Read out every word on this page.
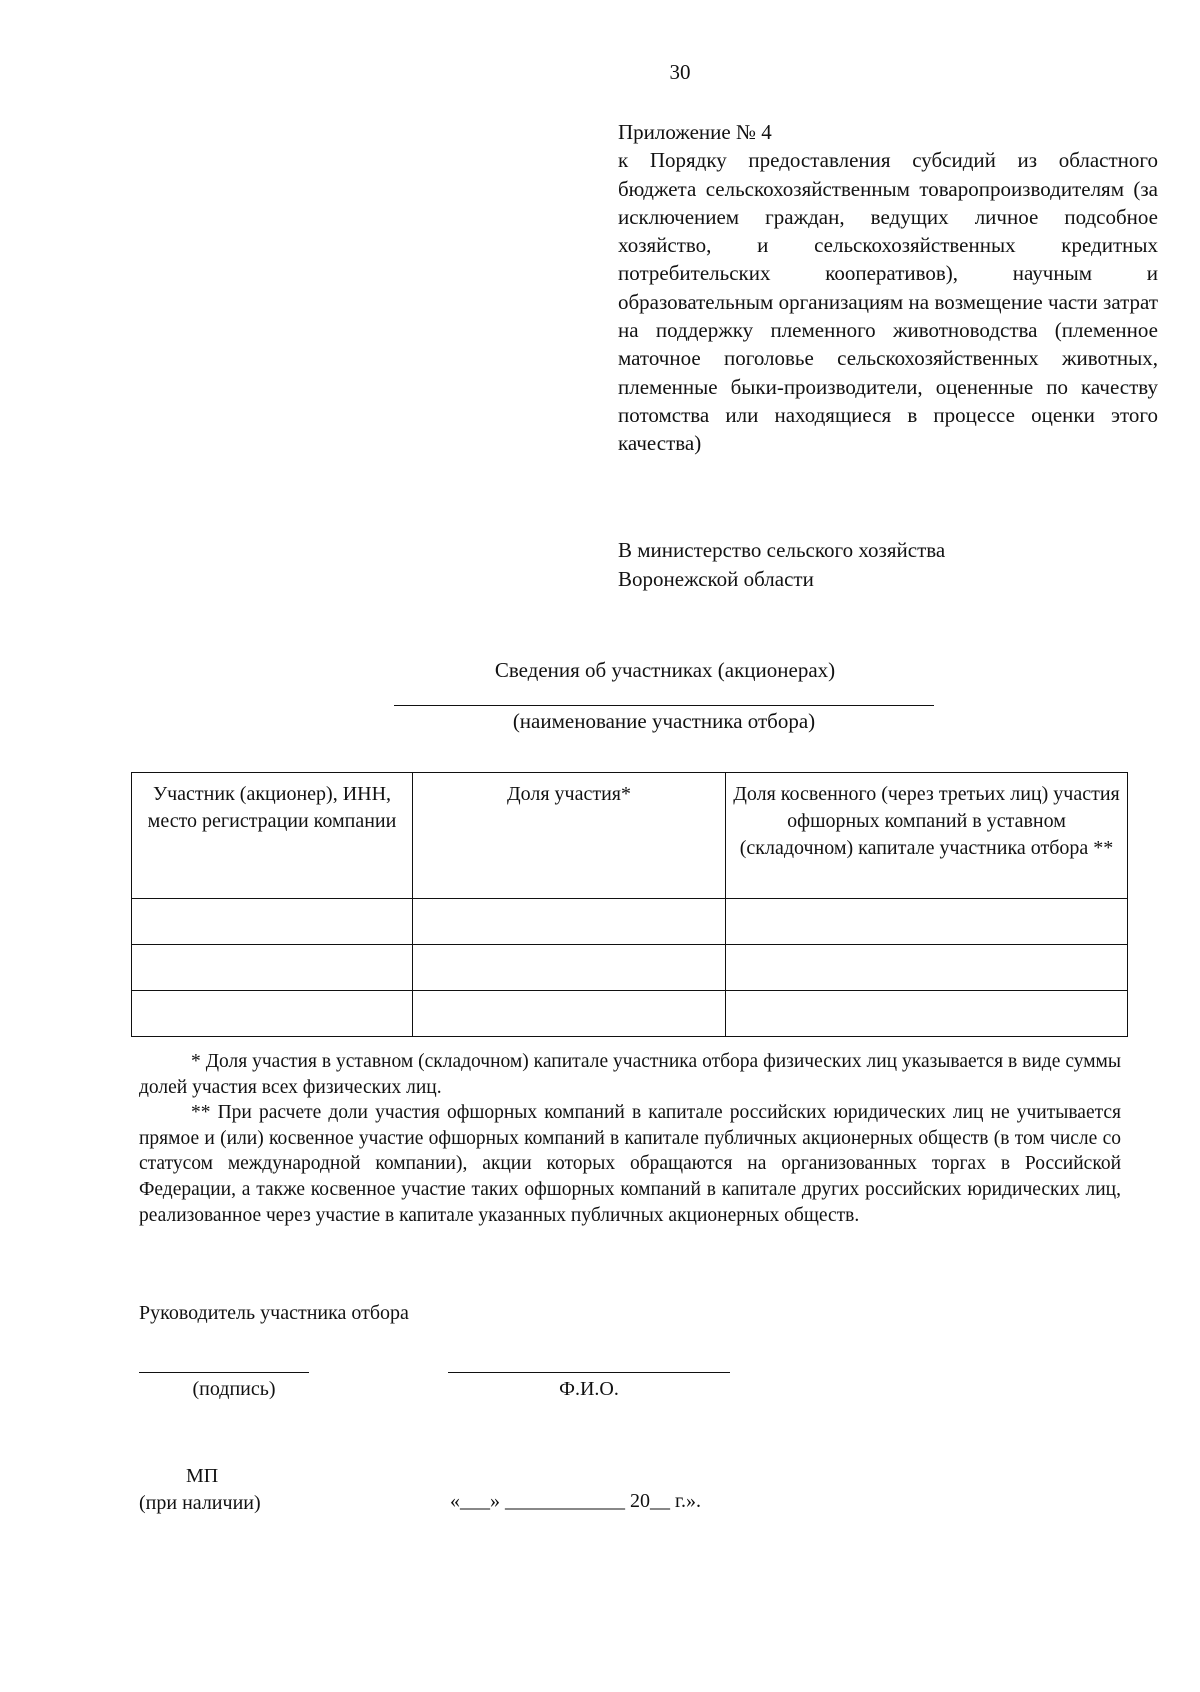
30
Приложение № 4
к Порядку предоставления субсидий из областного бюджета сельскохозяйственным товаропроизводителям (за исключением граждан, ведущих личное подсобное хозяйство, и сельскохозяйственных кредитных потребительских кооперативов), научным и образовательным организациям на возмещение части затрат на поддержку племенного животноводства (племенное маточное поголовье сельскохозяйственных животных, племенные быки-производители, оцененные по качеству потомства или находящиеся в процессе оценки этого качества)
В министерство сельского хозяйства
Воронежской области
Сведения об участниках (акционерах)
(наименование участника отбора)
Участник (акционер), ИНН, место регистрации компании	Доля участия*	Доля косвенного (через третьих лиц) участия офшорных компаний в уставном (складочном) капитале участника отбора **

* Доля участия в уставном (складочном) капитале участника отбора физических лиц указывается в виде суммы долей участия всех физических лиц.

** При расчете доли участия офшорных компаний в капитале российских юридических лиц не учитывается прямое и (или) косвенное участие офшорных компаний в капитале публичных акционерных обществ (в том числе со статусом международной компании), акции которых обращаются на организованных торгах в Российской Федерации, а также косвенное участие таких офшорных компаний в капитале других российских юридических лиц, реализованное через участие в капитале указанных публичных акционерных обществ.

Руководитель участника отбора
(подпись)	Ф.И.О.
МП
(при наличии)	«___» ____________ 20__ г.».
